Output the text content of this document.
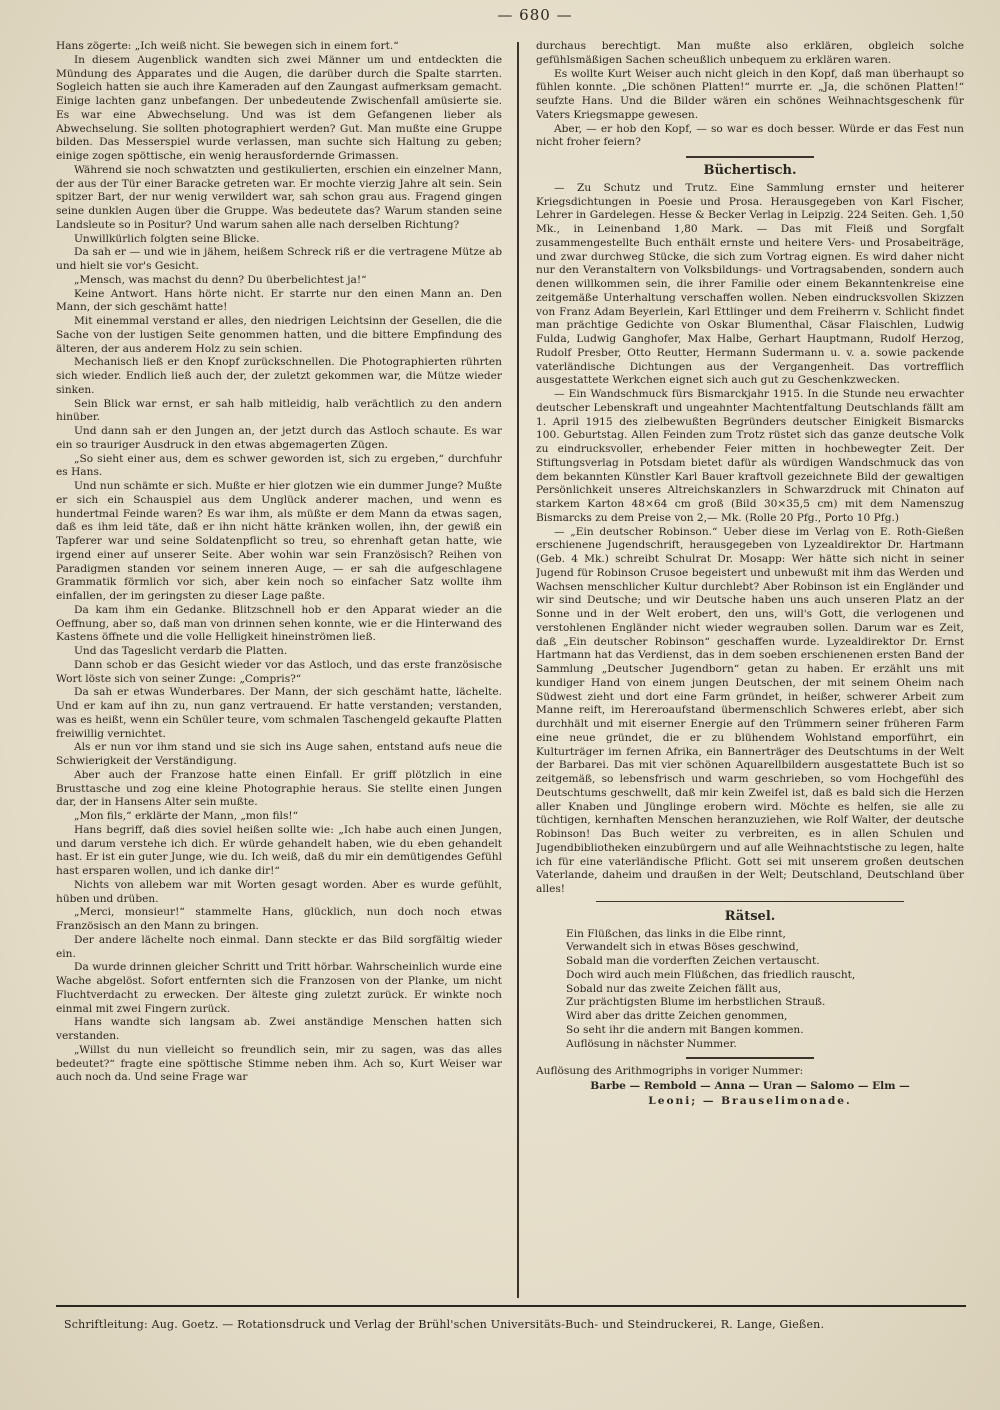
— 680 —

Hans zögerte: „Ich weiß nicht. Sie bewegen sich in einem fort.“

In diesem Augenblick wandten sich zwei Männer um und entdeckten die Mündung des Apparates und die Augen, die darüber durch die Spalte starrten. Sogleich hatten sie auch ihre Kameraden auf den Zaungast aufmerksam gemacht. Einige lachten ganz unbefangen. Der unbedeutende Zwischenfall amüsierte sie. Es war eine Abwechselung. Und was ist dem Gefangenen lieber als Abwechselung. Sie sollten photographiert werden? Gut. Man mußte eine Gruppe bilden. Das Messerspiel wurde verlassen, man suchte sich Haltung zu geben; einige zogen spöttische, ein wenig herausfordernde Grimassen.

Während sie noch schwatzten und gestikulierten, erschien ein einzelner Mann, der aus der Tür einer Baracke getreten war. Er mochte vierzig Jahre alt sein. Sein spitzer Bart, der nur wenig verwildert war, sah schon grau aus. Fragend gingen seine dunklen Augen über die Gruppe. Was bedeutete das? Warum standen seine Landsleute so in Positur? Und warum sahen alle nach derselben Richtung?

Unwillkürlich folgten seine Blicke.

Da sah er — und wie in jähem, heißem Schreck riß er die vertragene Mütze ab und hielt sie vor's Gesicht.

„Mensch, was machst du denn? Du überbelichtest ja!“

Keine Antwort. Hans hörte nicht. Er starrte nur den einen Mann an. Den Mann, der sich geschämt hatte!

Mit einemmal verstand er alles, den niedrigen Leichtsinn der Gesellen, die die Sache von der lustigen Seite genommen hatten, und die bittere Empfindung des älteren, der aus anderem Holz zu sein schien.

Mechanisch ließ er den Knopf zurückschnellen. Die Photographierten rührten sich wieder. Endlich ließ auch der, der zuletzt gekommen war, die Mütze wieder sinken.

Sein Blick war ernst, er sah halb mitleidig, halb verächtlich zu den andern hinüber.

Und dann sah er den Jungen an, der jetzt durch das Astloch schaute. Es war ein so trauriger Ausdruck in den etwas abgemagerten Zügen.

„So sieht einer aus, dem es schwer geworden ist, sich zu ergeben,“ durchfuhr es Hans.

Und nun schämte er sich. Mußte er hier glotzen wie ein dummer Junge? Mußte er sich ein Schauspiel aus dem Unglück anderer machen, und wenn es hundertmal Feinde waren? Es war ihm, als müßte er dem Mann da etwas sagen, daß es ihm leid täte, daß er ihn nicht hätte kränken wollen, ihn, der gewiß ein Tapferer war und seine Soldatenpflicht so treu, so ehrenhaft getan hatte, wie irgend einer auf unserer Seite. Aber wohin war sein Französisch? Reihen von Paradigmen standen vor seinem inneren Auge, — er sah die aufgeschlagene Grammatik förmlich vor sich, aber kein noch so einfacher Satz wollte ihm einfallen, der im geringsten zu dieser Lage paßte.

Da kam ihm ein Gedanke. Blitzschnell hob er den Apparat wieder an die Oeffnung, aber so, daß man von drinnen sehen konnte, wie er die Hinterwand des Kastens öffnete und die volle Helligkeit hineinströmen ließ.

Und das Tageslicht verdarb die Platten.

Dann schob er das Gesicht wieder vor das Astloch, und das erste französische Wort löste sich von seiner Zunge: „Compris?“

Da sah er etwas Wunderbares. Der Mann, der sich geschämt hatte, lächelte. Und er kam auf ihn zu, nun ganz vertrauend. Er hatte verstanden; verstanden, was es heißt, wenn ein Schüler teure, vom schmalen Taschengeld gekaufte Platten freiwillig vernichtet.

Als er nun vor ihm stand und sie sich ins Auge sahen, entstand aufs neue die Schwierigkeit der Verständigung.

Aber auch der Franzose hatte einen Einfall. Er griff plötzlich in eine Brusttasche und zog eine kleine Photographie heraus. Sie stellte einen Jungen dar, der in Hansens Alter sein mußte.

„Mon fils,“ erklärte der Mann, „mon fils!“

Hans begriff, daß dies soviel heißen sollte wie: „Ich habe auch einen Jungen, und darum verstehe ich dich. Er würde gehandelt haben, wie du eben gehandelt hast. Er ist ein guter Junge, wie du. Ich weiß, daß du mir ein demütigendes Gefühl hast ersparen wollen, und ich danke dir!“

Nichts von allebem war mit Worten gesagt worden. Aber es wurde gefühlt, hüben und drüben.

„Merci, monsieur!“ stammelte Hans, glücklich, nun doch noch etwas Französisch an den Mann zu bringen.

Der andere lächelte noch einmal. Dann steckte er das Bild sorgfältig wieder ein.

Da wurde drinnen gleicher Schritt und Tritt hörbar. Wahrscheinlich wurde eine Wache abgelöst. Sofort entfernten sich die Franzosen von der Planke, um nicht Fluchtverdacht zu erwecken. Der älteste ging zuletzt zurück. Er winkte noch einmal mit zwei Fingern zurück.

Hans wandte sich langsam ab. Zwei anständige Menschen hatten sich verstanden.

„Willst du nun vielleicht so freundlich sein, mir zu sagen, was das alles bedeutet?“ fragte eine spöttische Stimme neben ihm. Ach so, Kurt Weiser war auch noch da. Und seine Frage war

durchaus berechtigt. Man mußte also erklären, obgleich solche gefühlsmäßigen Sachen scheußlich unbequem zu erklären waren.

Es wollte Kurt Weiser auch nicht gleich in den Kopf, daß man überhaupt so fühlen konnte. „Die schönen Platten!“ murrte er. „Ja, die schönen Platten!“ seufzte Hans. Und die Bilder wären ein schönes Weihnachtsgeschenk für Vaters Kriegsmappe gewesen.

Aber, — er hob den Kopf, — so war es doch besser. Würde er das Fest nun nicht froher feiern?

Büchertisch.

— Zu Schutz und Trutz. Eine Sammlung ernster und heiterer Kriegsdichtungen in Poesie und Prosa. Herausgegeben von Karl Fischer, Lehrer in Gardelegen. Hesse & Becker Verlag in Leipzig. 224 Seiten. Geh. 1,50 Mk., in Leinenband 1,80 Mark. — Das mit Fleiß und Sorgfalt zusammengestellte Buch enthält ernste und heitere Vers- und Prosabeiträge, und zwar durchweg Stücke, die sich zum Vortrag eignen. Es wird daher nicht nur den Veranstaltern von Volksbildungs- und Vortragsabenden, sondern auch denen willkommen sein, die ihrer Familie oder einem Bekanntenkreise eine zeitgemäße Unterhaltung verschaffen wollen. Neben eindrucksvollen Skizzen von Franz Adam Beyerlein, Karl Ettlinger und dem Freiherrn v. Schlicht findet man prächtige Gedichte von Oskar Blumenthal, Cäsar Flaischlen, Ludwig Fulda, Ludwig Ganghofer, Max Halbe, Gerhart Hauptmann, Rudolf Herzog, Rudolf Presber, Otto Reutter, Hermann Sudermann u. v. a. sowie packende vaterländische Dichtungen aus der Vergangenheit. Das vortrefflich ausgestattete Werkchen eignet sich auch gut zu Geschenkzwecken.

— Ein Wandschmuck fürs Bismarckjahr 1915. In die Stunde neu erwachter deutscher Lebenskraft und ungeahnter Machtentfaltung Deutschlands fällt am 1. April 1915 des zielbewußten Begründers deutscher Einigkeit Bismarcks 100. Geburtstag. Allen Feinden zum Trotz rüstet sich das ganze deutsche Volk zu eindrucksvoller, erhebender Feier mitten in hochbewegter Zeit. Der Stiftungsverlag in Potsdam bietet dafür als würdigen Wandschmuck das von dem bekannten Künstler Karl Bauer kraftvoll gezeichnete Bild der gewaltigen Persönlichkeit unseres Altreichskanzlers in Schwarzdruck mit Chinaton auf starkem Karton 48×64 cm groß (Bild 30×35,5 cm) mit dem Namenszug Bismarcks zu dem Preise von 2,— Mk. (Rolle 20 Pfg., Porto 10 Pfg.)

— „Ein deutscher Robinson.“ Ueber diese im Verlag von E. Roth-Gießen erschienene Jugendschrift, herausgegeben von Lyzealdirektor Dr. Hartmann (Geb. 4 Mk.) schreibt Schulrat Dr. Mosapp: Wer hätte sich nicht in seiner Jugend für Robinson Crusoe begeistert und unbewußt mit ihm das Werden und Wachsen menschlicher Kultur durchlebt? Aber Robinson ist ein Engländer und wir sind Deutsche; und wir Deutsche haben uns auch unseren Platz an der Sonne und in der Welt erobert, den uns, will's Gott, die verlogenen und verstohlenen Engländer nicht wieder wegrauben sollen. Darum war es Zeit, daß „Ein deutscher Robinson“ geschaffen wurde. Lyzealdirektor Dr. Ernst Hartmann hat das Verdienst, das in dem soeben erschienenen ersten Band der Sammlung „Deutscher Jugendborn“ getan zu haben. Er erzählt uns mit kundiger Hand von einem jungen Deutschen, der mit seinem Oheim nach Südwest zieht und dort eine Farm gründet, in heißer, schwerer Arbeit zum Manne reift, im Hereroaufstand übermenschlich Schweres erlebt, aber sich durchhält und mit eiserner Energie auf den Trümmern seiner früheren Farm eine neue gründet, die er zu blühendem Wohlstand emporführt, ein Kulturträger im fernen Afrika, ein Bannerträger des Deutschtums in der Welt der Barbarei. Das mit vier schönen Aquarellbildern ausgestattete Buch ist so zeitgemäß, so lebensfrisch und warm geschrieben, so vom Hochgefühl des Deutschtums geschwellt, daß mir kein Zweifel ist, daß es bald sich die Herzen aller Knaben und Jünglinge erobern wird. Möchte es helfen, sie alle zu tüchtigen, kernhaften Menschen heranzuziehen, wie Rolf Walter, der deutsche Robinson! Das Buch weiter zu verbreiten, es in allen Schulen und Jugendbibliotheken einzubürgern und auf alle Weihnachtstische zu legen, halte ich für eine vaterländische Pflicht. Gott sei mit unserem großen deutschen Vaterlande, daheim und draußen in der Welt; Deutschland, Deutschland über alles!

Rätsel.
Ein Flüßchen, das links in die Elbe rinnt,
Verwandelt sich in etwas Böses geschwind,
Sobald man die vorderften Zeichen vertauscht.
Doch wird auch mein Flüßchen, das friedlich rauscht,
Sobald nur das zweite Zeichen fällt aus,
Zur prächtigsten Blume im herbstlichen Strauß.
Wird aber das dritte Zeichen genommen,
So seht ihr die andern mit Bangen kommen.
Auflösung in nächster Nummer.
Auflösung des Arithmogriphs in voriger Nummer:
Barbe — Rembold — Anna — Uran — Salomo — Elm —
Leoni; — Brauselimonade.
Schriftleitung: Aug. Goetz. — Rotationsdruck und Verlag der Brühl'schen Universitäts-Buch- und Steindruckerei, R. Lange, Gießen.
